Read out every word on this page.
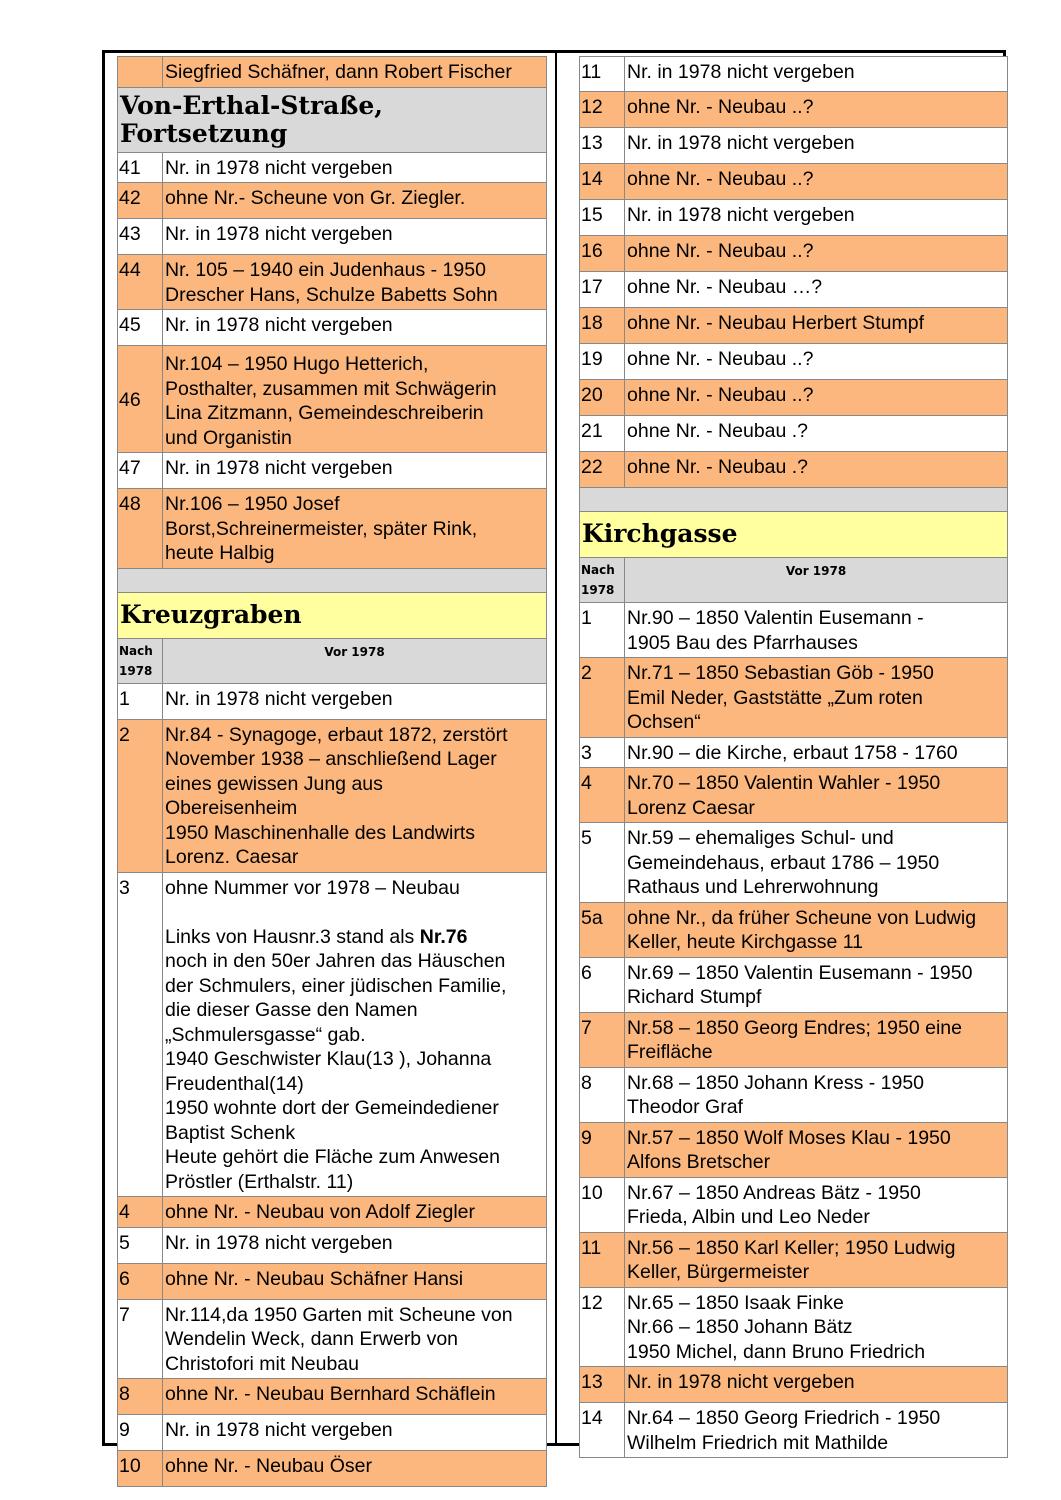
Siegfried Schäfner, dann Robert Fischer
Von-Erthal-Straße, Fortsetzung
41	Nr. in 1978 nicht vergeben
42	ohne Nr.- Scheune von Gr. Ziegler.
43	Nr. in 1978 nicht vergeben
44	Nr. 105 – 1940 ein Judenhaus - 1950
Drescher Hans, Schulze Babetts Sohn
45	Nr. in 1978 nicht vergeben
46
Nr.104 – 1950 Hugo Hetterich,
Posthalter, zusammen mit Schwägerin
Lina Zitzmann, Gemeindeschreiberin
und Organistin
47	Nr. in 1978 nicht vergeben
48	Nr.106 – 1950 Josef
Borst,Schreinermeister, später Rink,
heute Halbig
Kreuzgraben
Nach
1978
Vor 1978
1	Nr. in 1978 nicht vergeben
2	Nr.84 - Synagoge, erbaut 1872, zerstört
November 1938 – anschließend Lager
eines gewissen Jung aus
Obereisenheim
1950 Maschinenhalle des Landwirts
Lorenz. Caesar
3	ohne Nummer vor 1978 – Neubau

Links von Hausnr.3 stand als Nr.76
noch in den 50er Jahren das Häuschen
der Schmulers, einer jüdischen Familie,
die dieser Gasse den Namen
„Schmulersgasse“ gab.
1940 Geschwister Klau(13 ), Johanna
Freudenthal(14)
1950 wohnte dort der Gemeindediener
Baptist Schenk
Heute gehört die Fläche zum Anwesen
Pröstler (Erthalstr. 11)
4	ohne Nr. - Neubau von Adolf Ziegler
5	Nr. in 1978 nicht vergeben
6	ohne Nr. - Neubau Schäfner Hansi
7	Nr.114,da 1950 Garten mit Scheune von
Wendelin Weck, dann Erwerb von
Christofori mit Neubau
8	ohne Nr. - Neubau Bernhard Schäflein
9	Nr. in 1978 nicht vergeben
10	ohne Nr. - Neubau Öser
11	Nr. in 1978 nicht vergeben
12	ohne Nr. - Neubau ..?
13	Nr. in 1978 nicht vergeben
14	ohne Nr. - Neubau ..?
15	Nr. in 1978 nicht vergeben
16	ohne Nr. - Neubau ..?
17	ohne Nr. - Neubau …?
18	ohne Nr. - Neubau Herbert Stumpf
19	ohne Nr. - Neubau ..?
20	ohne Nr. - Neubau ..?
21	ohne Nr. - Neubau .?
22	ohne Nr. - Neubau .?
Kirchgasse
Nach
1978
Vor 1978
1	Nr.90 – 1850 Valentin Eusemann -
1905 Bau des Pfarrhauses
2	Nr.71 – 1850 Sebastian Göb - 1950
Emil Neder, Gaststätte „Zum roten
Ochsen“
3	Nr.90 – die Kirche, erbaut 1758 - 1760
4	Nr.70 – 1850 Valentin Wahler - 1950
Lorenz Caesar
5	Nr.59 – ehemaliges Schul- und
Gemeindehaus, erbaut 1786 – 1950
Rathaus und Lehrerwohnung
5a	ohne Nr., da früher Scheune von Ludwig
Keller, heute Kirchgasse 11
6	Nr.69 – 1850 Valentin Eusemann - 1950
Richard Stumpf
7	Nr.58 – 1850 Georg Endres; 1950 eine
Freifläche
8	Nr.68 – 1850 Johann Kress - 1950
Theodor Graf
9	Nr.57 – 1850 Wolf Moses Klau - 1950
Alfons Bretscher
10	Nr.67 – 1850 Andreas Bätz - 1950
Frieda, Albin und Leo Neder
11	Nr.56 – 1850 Karl Keller; 1950 Ludwig
Keller, Bürgermeister
12	Nr.65 – 1850 Isaak Finke
Nr.66 – 1850 Johann Bätz
1950 Michel, dann Bruno Friedrich
13	Nr. in 1978 nicht vergeben
14	Nr.64 – 1850 Georg Friedrich - 1950
Wilhelm Friedrich mit Mathilde
